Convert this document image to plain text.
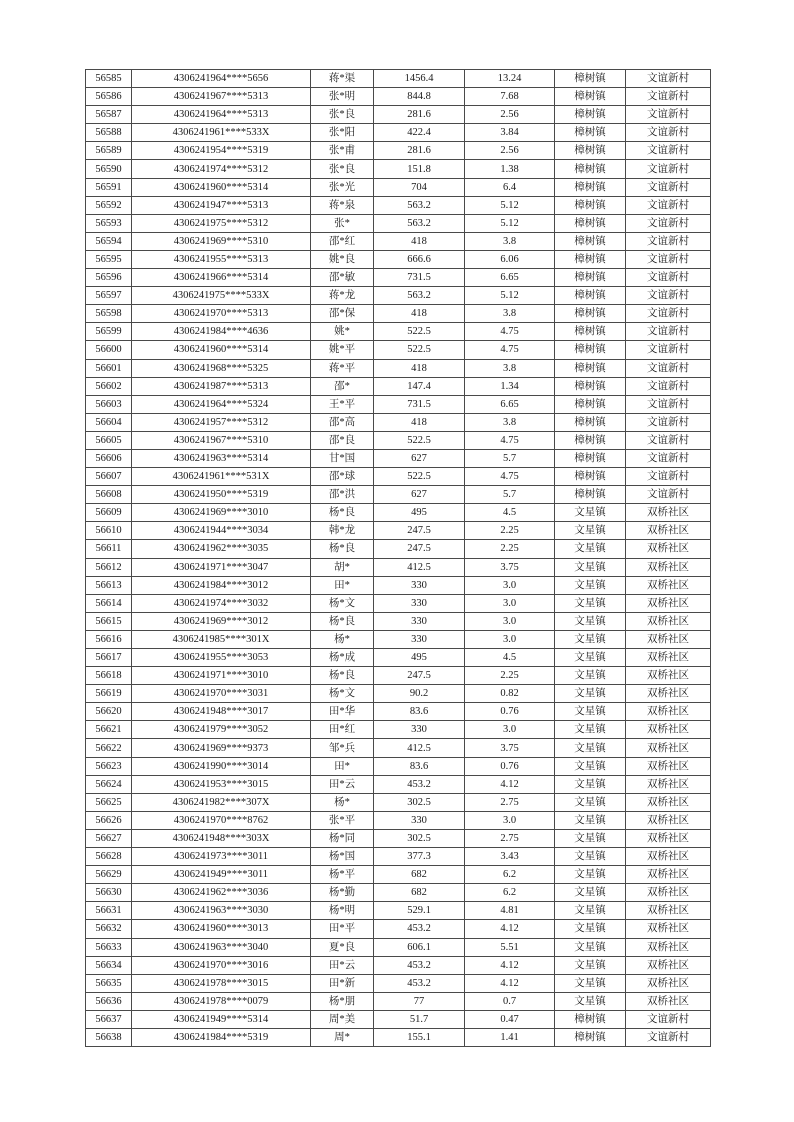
56585	4306241964****5656	蒋*渠	1456.4	13.24	樟树镇	文谊新村
56586	4306241967****5313	张*明	844.8	7.68	樟树镇	文谊新村
56587	4306241964****5313	张*良	281.6	2.56	樟树镇	文谊新村
56588	4306241961****533X	张*阳	422.4	3.84	樟树镇	文谊新村
56589	4306241954****5319	张*甫	281.6	2.56	樟树镇	文谊新村
56590	4306241974****5312	张*良	151.8	1.38	樟树镇	文谊新村
56591	4306241960****5314	张*光	704	6.4	樟树镇	文谊新村
56592	4306241947****5313	蒋*泉	563.2	5.12	樟树镇	文谊新村
56593	4306241975****5312	张*	563.2	5.12	樟树镇	文谊新村
56594	4306241969****5310	邵*红	418	3.8	樟树镇	文谊新村
56595	4306241955****5313	姚*良	666.6	6.06	樟树镇	文谊新村
56596	4306241966****5314	邵*敏	731.5	6.65	樟树镇	文谊新村
56597	4306241975****533X	蒋*龙	563.2	5.12	樟树镇	文谊新村
56598	4306241970****5313	邵*保	418	3.8	樟树镇	文谊新村
56599	4306241984****4636	姚*	522.5	4.75	樟树镇	文谊新村
56600	4306241960****5314	姚*平	522.5	4.75	樟树镇	文谊新村
56601	4306241968****5325	蒋*平	418	3.8	樟树镇	文谊新村
56602	4306241987****5313	邵*	147.4	1.34	樟树镇	文谊新村
56603	4306241964****5324	王*平	731.5	6.65	樟树镇	文谊新村
56604	4306241957****5312	邵*高	418	3.8	樟树镇	文谊新村
56605	4306241967****5310	邵*良	522.5	4.75	樟树镇	文谊新村
56606	4306241963****5314	甘*国	627	5.7	樟树镇	文谊新村
56607	4306241961****531X	邵*球	522.5	4.75	樟树镇	文谊新村
56608	4306241950****5319	邵*洪	627	5.7	樟树镇	文谊新村
56609	4306241969****3010	杨*良	495	4.5	文星镇	双桥社区
56610	4306241944****3034	韩*龙	247.5	2.25	文星镇	双桥社区
56611	4306241962****3035	杨*良	247.5	2.25	文星镇	双桥社区
56612	4306241971****3047	胡*	412.5	3.75	文星镇	双桥社区
56613	4306241984****3012	田*	330	3.0	文星镇	双桥社区
56614	4306241974****3032	杨*文	330	3.0	文星镇	双桥社区
56615	4306241969****3012	杨*良	330	3.0	文星镇	双桥社区
56616	4306241985****301X	杨*	330	3.0	文星镇	双桥社区
56617	4306241955****3053	杨*成	495	4.5	文星镇	双桥社区
56618	4306241971****3010	杨*良	247.5	2.25	文星镇	双桥社区
56619	4306241970****3031	杨*文	90.2	0.82	文星镇	双桥社区
56620	4306241948****3017	田*华	83.6	0.76	文星镇	双桥社区
56621	4306241979****3052	田*红	330	3.0	文星镇	双桥社区
56622	4306241969****9373	邹*兵	412.5	3.75	文星镇	双桥社区
56623	4306241990****3014	田*	83.6	0.76	文星镇	双桥社区
56624	4306241953****3015	田*云	453.2	4.12	文星镇	双桥社区
56625	4306241982****307X	杨*	302.5	2.75	文星镇	双桥社区
56626	4306241970****8762	张*平	330	3.0	文星镇	双桥社区
56627	4306241948****303X	杨*同	302.5	2.75	文星镇	双桥社区
56628	4306241973****3011	杨*国	377.3	3.43	文星镇	双桥社区
56629	4306241949****3011	杨*平	682	6.2	文星镇	双桥社区
56630	4306241962****3036	杨*勤	682	6.2	文星镇	双桥社区
56631	4306241963****3030	杨*明	529.1	4.81	文星镇	双桥社区
56632	4306241960****3013	田*平	453.2	4.12	文星镇	双桥社区
56633	4306241963****3040	夏*良	606.1	5.51	文星镇	双桥社区
56634	4306241970****3016	田*云	453.2	4.12	文星镇	双桥社区
56635	4306241978****3015	田*新	453.2	4.12	文星镇	双桥社区
56636	4306241978****0079	杨*朋	77	0.7	文星镇	双桥社区
56637	4306241949****5314	周*美	51.7	0.47	樟树镇	文谊新村
56638	4306241984****5319	周*	155.1	1.41	樟树镇	文谊新村
